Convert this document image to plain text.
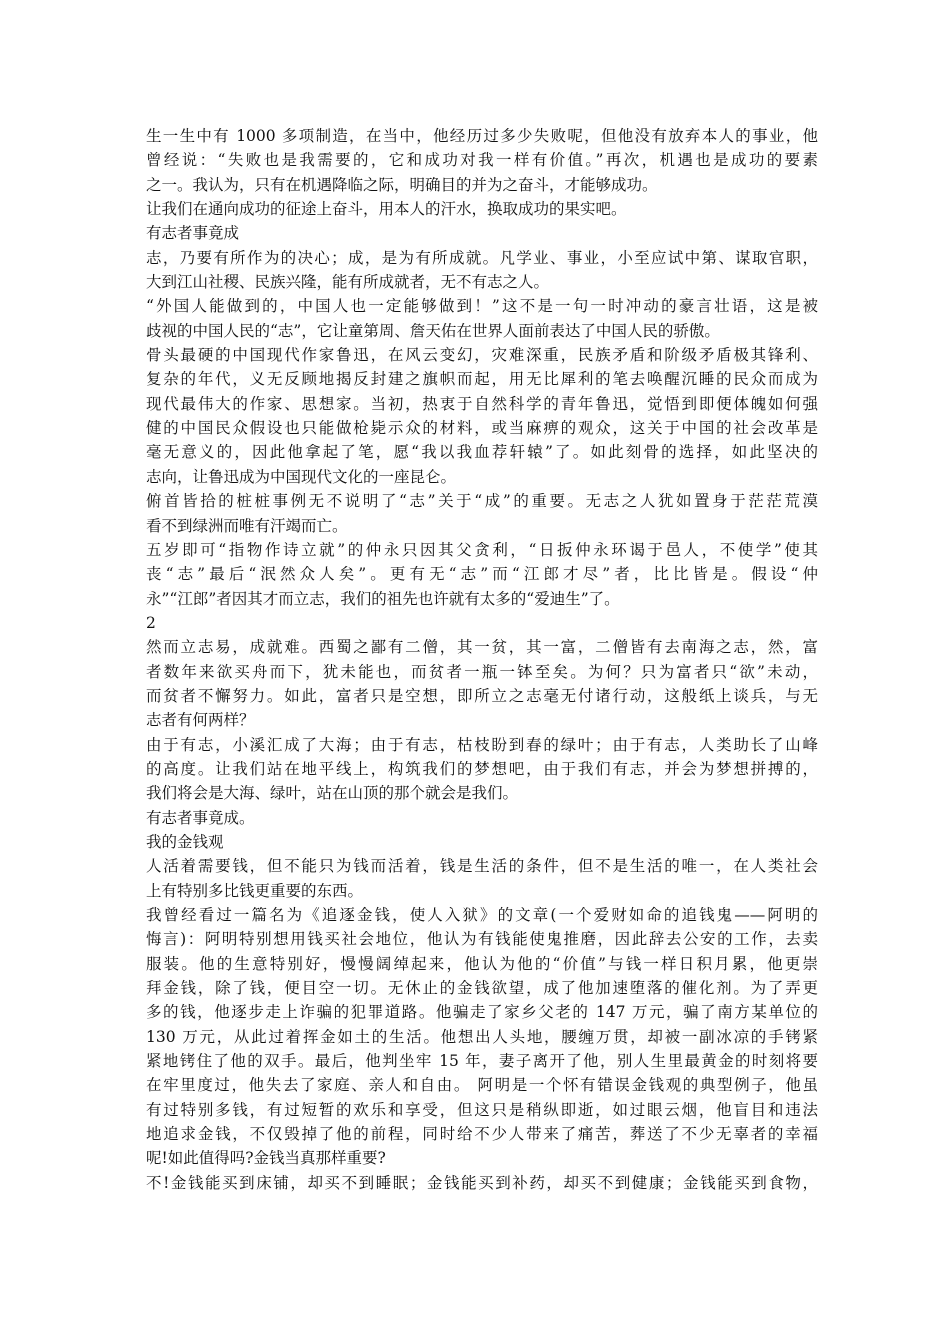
生一生中有 1000 多项制造，在当中，他经历过多少失败呢，但他没有放弃本人的事业，他
曾经说：“失败也是我需要的，它和成功对我一样有价值。”再次，机遇也是成功的要素
之一。我认为，只有在机遇降临之际，明确目的并为之奋斗，才能够成功。
让我们在通向成功的征途上奋斗，用本人的汗水，换取成功的果实吧。
有志者事竟成
志，乃要有所作为的决心；成，是为有所成就。凡学业、事业，小至应试中第、谋取官职，
大到江山社稷、民族兴隆，能有所成就者，无不有志之人。
“外国人能做到的，中国人也一定能够做到！”这不是一句一时冲动的豪言壮语，这是被
歧视的中国人民的“志”，它让童第周、詹天佑在世界人面前表达了中国人民的骄傲。
骨头最硬的中国现代作家鲁迅，在风云变幻，灾难深重，民族矛盾和阶级矛盾极其锋利、
复杂的年代，义无反顾地揭反封建之旗帜而起，用无比犀利的笔去唤醒沉睡的民众而成为
现代最伟大的作家、思想家。当初，热衷于自然科学的青年鲁迅，觉悟到即便体魄如何强
健的中国民众假设也只能做枪毙示众的材料，或当麻痹的观众，这关于中国的社会改革是
毫无意义的，因此他拿起了笔，愿“我以我血荐轩辕”了。如此刻骨的选择，如此坚决的
志向，让鲁迅成为中国现代文化的一座昆仑。
俯首皆拾的桩桩事例无不说明了“志”关于“成”的重要。无志之人犹如置身于茫茫荒漠
看不到绿洲而唯有汗竭而亡。
五岁即可“指物作诗立就”的仲永只因其父贪利，“日扳仲永环谒于邑人，不使学”使其
丧“志”最后“泯然众人矣”。更有无“志”而“江郎才尽”者，比比皆是。假设“仲
永”“江郎”者因其才而立志，我们的祖先也许就有太多的“爱迪生”了。
2
然而立志易，成就难。西蜀之鄙有二僧，其一贫，其一富，二僧皆有去南海之志，然，富
者数年来欲买舟而下，犹未能也，而贫者一瓶一钵至矣。为何？只为富者只“欲”未动，
而贫者不懈努力。如此，富者只是空想，即所立之志毫无付诸行动，这般纸上谈兵，与无
志者有何两样？
由于有志，小溪汇成了大海；由于有志，枯枝盼到春的绿叶；由于有志，人类助长了山峰
的高度。让我们站在地平线上，构筑我们的梦想吧，由于我们有志，并会为梦想拼搏的，
我们将会是大海、绿叶，站在山顶的那个就会是我们。
有志者事竟成。
我的金钱观
人活着需要钱，但不能只为钱而活着，钱是生活的条件，但不是生活的唯一，在人类社会
上有特别多比钱更重要的东西。
我曾经看过一篇名为《追逐金钱，使人入狱》的文章(一个爱财如命的追钱鬼——阿明的
悔言)：阿明特别想用钱买社会地位，他认为有钱能使鬼推磨，因此辞去公安的工作，去卖
服装。他的生意特别好，慢慢阔绰起来，他认为他的“价值”与钱一样日积月累，他更崇
拜金钱，除了钱，便目空一切。无休止的金钱欲望，成了他加速堕落的催化剂。为了弄更
多的钱，他逐步走上诈骗的犯罪道路。他骗走了家乡父老的 147 万元，骗了南方某单位的
130 万元，从此过着挥金如土的生活。他想出人头地，腰缠万贯，却被一副冰凉的手铐紧
紧地铐住了他的双手。最后，他判坐牢 15 年，妻子离开了他，别人生里最黄金的时刻将要
在牢里度过，他失去了家庭、亲人和自由。 阿明是一个怀有错误金钱观的典型例子，他虽
有过特别多钱，有过短暂的欢乐和享受，但这只是稍纵即逝，如过眼云烟，他盲目和违法
地追求金钱，不仅毁掉了他的前程，同时给不少人带来了痛苦，葬送了不少无辜者的幸福
呢!如此值得吗?金钱当真那样重要?
不!金钱能买到床铺，却买不到睡眠；金钱能买到补药，却买不到健康；金钱能买到食物，
